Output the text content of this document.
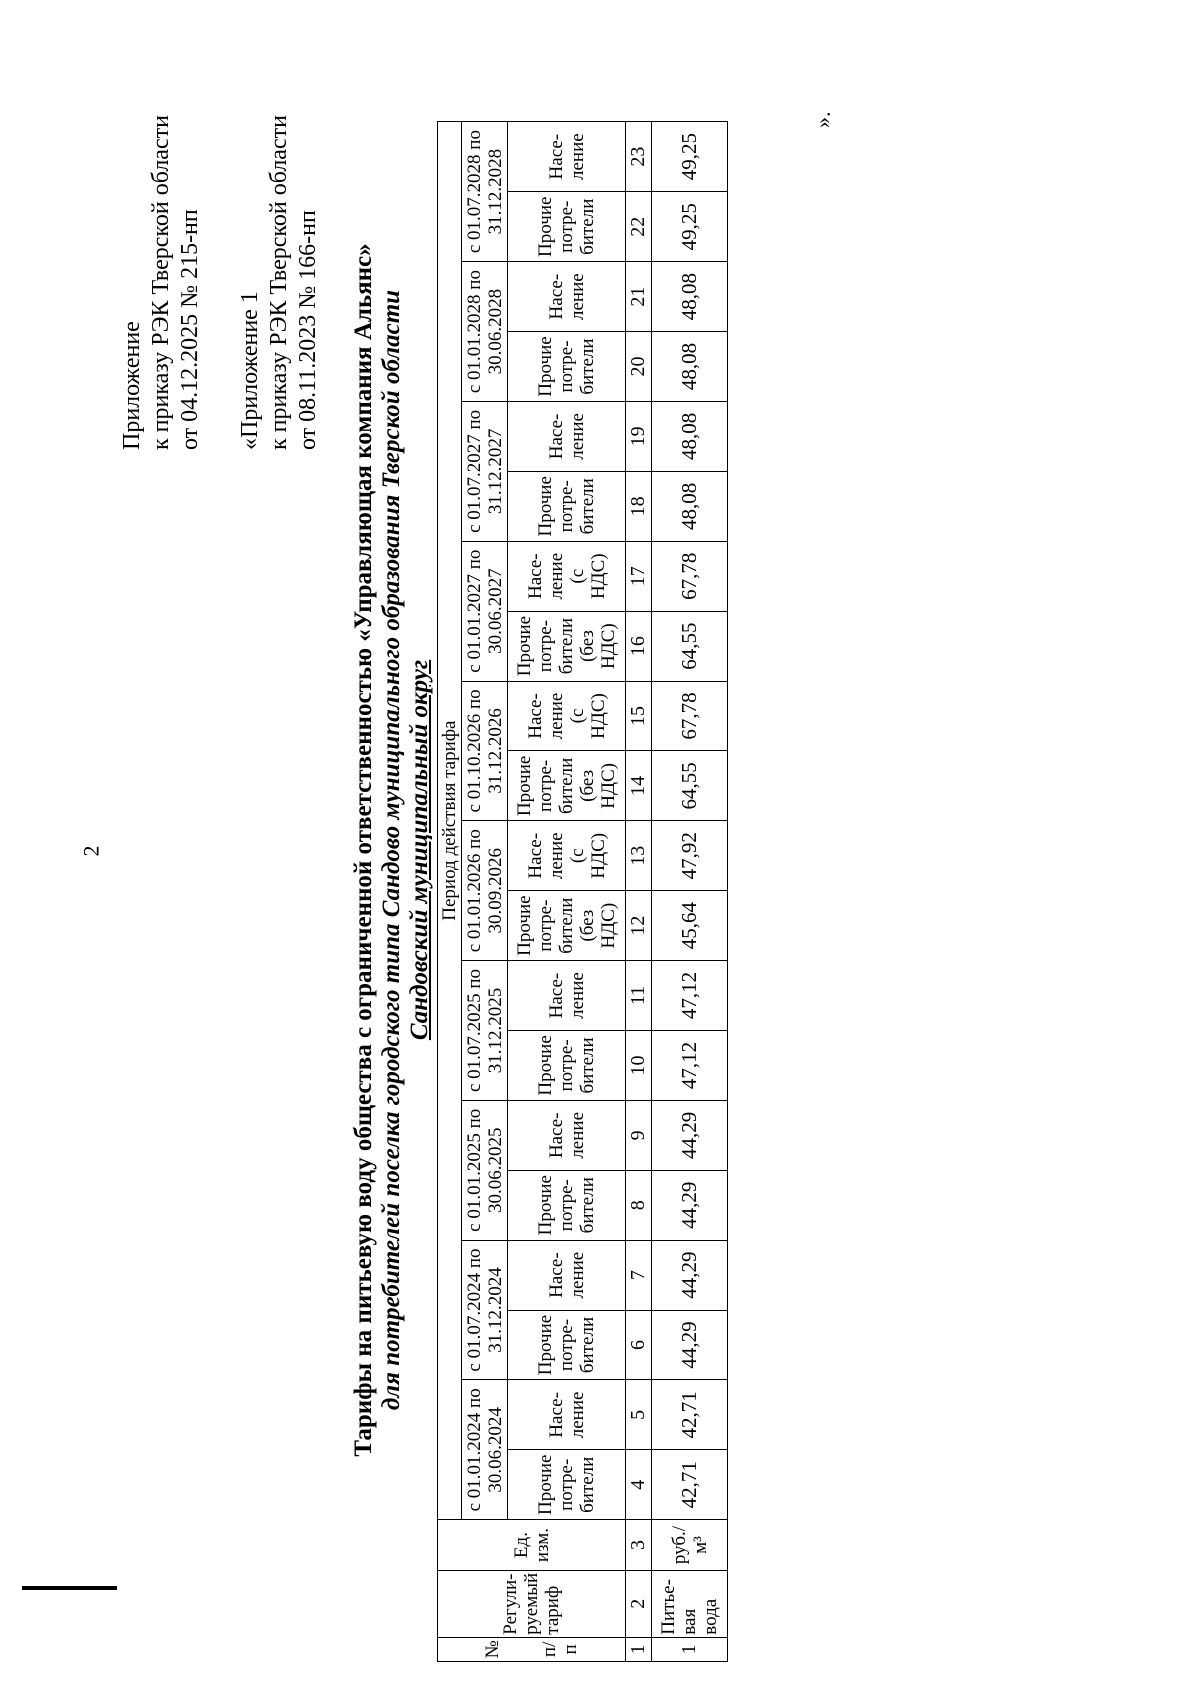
2
Приложение к приказу РЭК Тверской области от 04.12.2025 № 215-нп «Приложение 1 к приказу РЭК Тверской области от 08.11.2023 № 166-нп Тарифы на питьевую воду общества с ограниченной ответственностью «Управляющая компания Альянс» для потребителей поселка городского типа Сандово муниципального образования Тверской области Сандовский муниципальный округ
№ п/ п	Регули- руемый тариф	Ед. изм.	Период действия тарифа																			
			с 01.01.2024 по 30.06.2024		с 01.07.2024 по 31.12.2024		с 01.01.2025 по 30.06.2025		с 01.07.2025 по 31.12.2025		с 01.01.2026 по 30.09.2026		с 01.10.2026 по 31.12.2026		с 01.01.2027 по 30.06.2027		с 01.07.2027 по 31.12.2027		с 01.01.2028 по 30.06.2028		с 01.07.2028 по 31.12.2028	
			Прочие потре- бители	Насе- ление	Прочие потре- бители	Насе- ление	Прочие потре- бители	Насе- ление	Прочие потре- бители	Насе- ление	Прочие потре- бители (без НДС)	Насе- ление (с НДС)	Прочие потре- бители (без НДС)	Насе- ление (с НДС)	Прочие потре- бители (без НДС)	Насе- ление (с НДС)	Прочие потре- бители	Насе- ление	Прочие потре- бители	Насе- ление	Прочие потре- бители	Насе- ление
1	2	3	4	5	6	7	8	9	10	11	12	13	14	15	16	17	18	19	20	21	22	23
1	Питье- вая вода	руб./ м³	42,71	42,71	44,29	44,29	44,29	44,29	47,12	47,12	45,64	47,92	64,55	67,78	64,55	67,78	48,08	48,08	48,08	48,08	49,25	49,25
».
